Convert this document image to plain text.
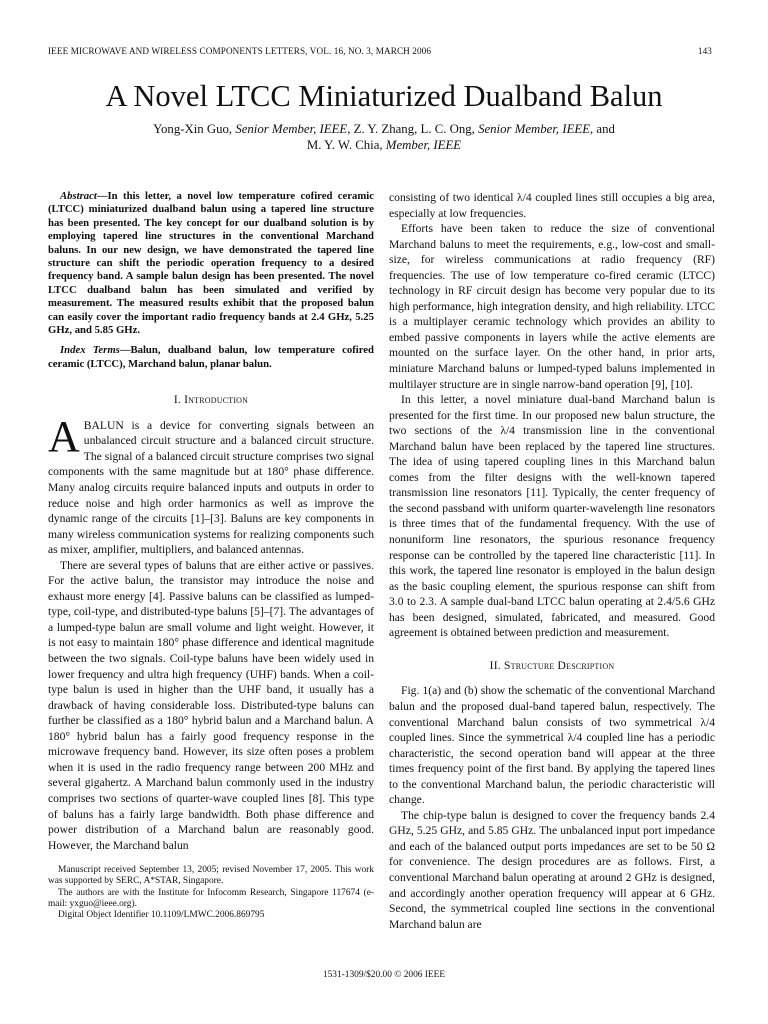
IEEE MICROWAVE AND WIRELESS COMPONENTS LETTERS, VOL. 16, NO. 3, MARCH 2006	143
A Novel LTCC Miniaturized Dualband Balun
Yong-Xin Guo, Senior Member, IEEE, Z. Y. Zhang, L. C. Ong, Senior Member, IEEE, and
M. Y. W. Chia, Member, IEEE

Abstract—In this letter, a novel low temperature cofired ceramic (LTCC) miniaturized dualband balun using a tapered line structure has been presented. The key concept for our dualband solution is by employing tapered line structures in the conventional Marchand baluns. In our new design, we have demonstrated the tapered line structure can shift the periodic operation frequency to a desired frequency band. A sample balun design has been presented. The novel LTCC dualband balun has been simulated and verified by measurement. The measured results exhibit that the proposed balun can easily cover the important radio frequency bands at 2.4 GHz, 5.25 GHz, and 5.85 GHz.

Index Terms—Balun, dualband balun, low temperature cofired ceramic (LTCC), Marchand balun, planar balun.

I. Introduction

ABALUN is a device for converting signals between an unbalanced circuit structure and a balanced circuit structure. The signal of a balanced circuit structure comprises two signal components with the same magnitude but at 180° phase difference. Many analog circuits require balanced inputs and outputs in order to reduce noise and high order harmonics as well as improve the dynamic range of the circuits [1]–[3]. Baluns are key components in many wireless communication systems for realizing components such as mixer, amplifier, multipliers, and balanced antennas.

There are several types of baluns that are either active or passives. For the active balun, the transistor may introduce the noise and exhaust more energy [4]. Passive baluns can be classified as lumped-type, coil-type, and distributed-type baluns [5]–[7]. The advantages of a lumped-type balun are small volume and light weight. However, it is not easy to maintain 180° phase difference and identical magnitude between the two signals. Coil-type baluns have been widely used in lower frequency and ultra high frequency (UHF) bands. When a coil-type balun is used in higher than the UHF band, it usually has a drawback of having considerable loss. Distributed-type baluns can further be classified as a 180° hybrid balun and a Marchand balun. A 180° hybrid balun has a fairly good frequency response in the microwave frequency band. However, its size often poses a problem when it is used in the radio frequency range between 200 MHz and several gigahertz. A Marchand balun commonly used in the industry comprises two sections of quarter-wave coupled lines [8]. This type of baluns has a fairly large bandwidth. Both phase difference and power distribution of a Marchand balun are reasonably good. However, the Marchand balun

Manuscript received September 13, 2005; revised November 17, 2005. This work was supported by SERC, A*STAR, Singapore.

The authors are with the Institute for Infocomm Research, Singapore 117674 (e-mail: yxguo@ieee.org).

Digital Object Identifier 10.1109/LMWC.2006.869795

consisting of two identical λ/4 coupled lines still occupies a big area, especially at low frequencies.

Efforts have been taken to reduce the size of conventional Marchand baluns to meet the requirements, e.g., low-cost and small-size, for wireless communications at radio frequency (RF) frequencies. The use of low temperature co-fired ceramic (LTCC) technology in RF circuit design has become very popular due to its high performance, high integration density, and high reliability. LTCC is a multiplayer ceramic technology which provides an ability to embed passive components in layers while the active elements are mounted on the surface layer. On the other hand, in prior arts, miniature Marchand baluns or lumped-typed baluns implemented in multilayer structure are in single narrow-band operation [9], [10].

In this letter, a novel miniature dual-band Marchand balun is presented for the first time. In our proposed new balun structure, the two sections of the λ/4 transmission line in the conventional Marchand balun have been replaced by the tapered line structures. The idea of using tapered coupling lines in this Marchand balun comes from the filter designs with the well-known tapered transmission line resonators [11]. Typically, the center frequency of the second passband with uniform quarter-wavelength line resonators is three times that of the fundamental frequency. With the use of nonuniform line resonators, the spurious resonance frequency response can be controlled by the tapered line characteristic [11]. In this work, the tapered line resonator is employed in the balun design as the basic coupling element, the spurious response can shift from 3.0 to 2.3. A sample dual-band LTCC balun operating at 2.4/5.6 GHz has been designed, simulated, fabricated, and measured. Good agreement is obtained between prediction and measurement.

II. Structure Description

Fig. 1(a) and (b) show the schematic of the conventional Marchand balun and the proposed dual-band tapered balun, respectively. The conventional Marchand balun consists of two symmetrical λ/4 coupled lines. Since the symmetrical λ/4 coupled line has a periodic characteristic, the second operation band will appear at the three times frequency point of the first band. By applying the tapered lines to the conventional Marchand balun, the periodic characteristic will change.

The chip-type balun is designed to cover the frequency bands 2.4 GHz, 5.25 GHz, and 5.85 GHz. The unbalanced input port impedance and each of the balanced output ports impedances are set to be 50 Ω for convenience. The design procedures are as follows. First, a conventional Marchand balun operating at around 2 GHz is designed, and accordingly another operation frequency will appear at 6 GHz. Second, the symmetrical coupled line sections in the conventional Marchand balun are

1531-1309/$20.00 © 2006 IEEE
